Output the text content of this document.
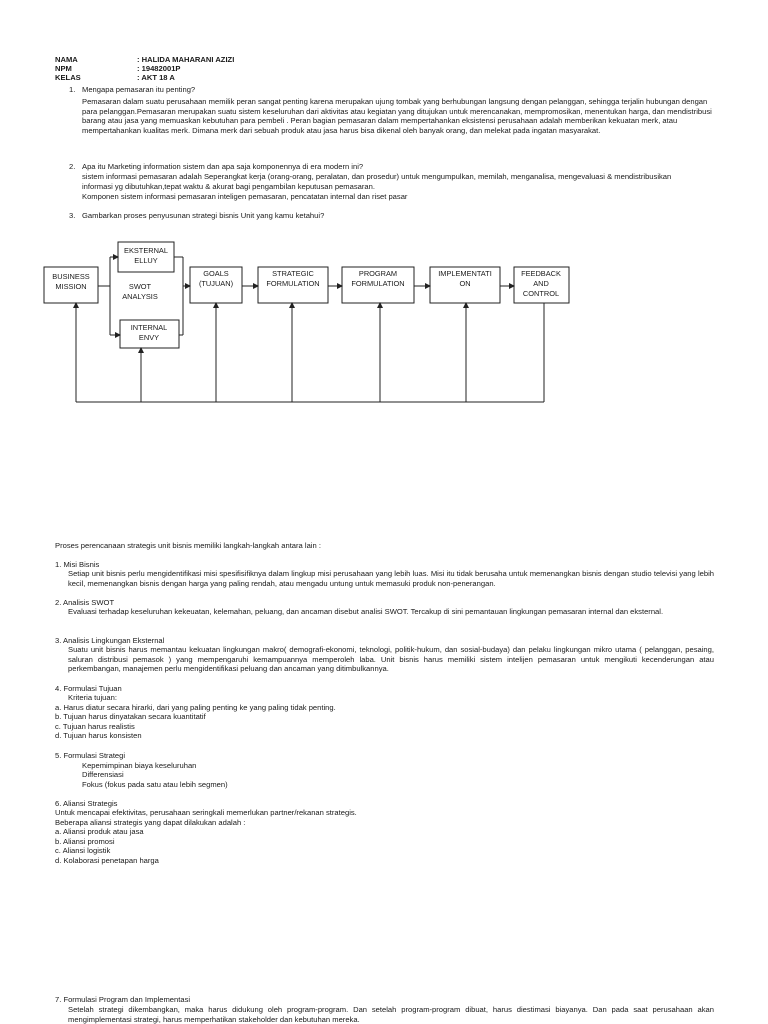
NAMA	: HALIDA MAHARANI AZIZI
NPM	: 19482001P
KELAS	: AKT 18 A
1. Mengapa pemasaran itu penting?
Pemasaran dalam suatu perusahaan memilik peran sangat penting karena merupakan ujung tombak yang berhubungan langsung dengan pelanggan, sehingga terjalin hubungan dengan para pelanggan.Pemasaran merupakan suatu sistem keseluruhan dari aktivitas atau kegiatan yang ditujukan untuk merencanakan, mempromosikan, menentukan harga, dan mendistribusi barang atau jasa yang memuaskan kebutuhan para pembeli . Peran bagian pemasaran dalam mempertahankan eksistensi perusahaan adalah memberikan kekuatan merk, atau mempertahankan kualitas merk. Dimana merk dari sebuah produk atau jasa harus bisa dikenal oleh banyak orang, dan melekat pada ingatan masyarakat.
2. Apa itu Marketing information sistem dan apa saja komponennya di era modern ini?
sistem informasi pemasaran adalah Seperangkat kerja (orang-orang, peralatan, dan prosedur) untuk mengumpulkan, memilah, menganalisa, mengevaluasi & mendistribusikan informasi yg dibutuhkan,tepat waktu & akurat bagi pengambilan keputusan pemasaran.
Komponen sistem informasi pemasaran inteligen pemasaran, pencatatan internal dan riset pasar
3. Gambarkan proses penyusunan strategi bisnis Unit yang kamu ketahui?
BUSINESS
MISSION
EKSTERNAL
ELLUY
SWOT
ANALYSIS
INTERNAL
ENVY
GOALS
(TUJUAN)
STRATEGIC
FORMULATION
PROGRAM
FORMULATION
IMPLEMENTATI
ON
FEEDBACK
AND
CONTROL
Proses perencanaan strategis unit bisnis memiliki langkah-langkah antara lain :
1. Misi Bisnis
Setiap unit bisnis perlu mengidentifikasi misi spesifisifiknya dalam lingkup misi perusahaan yang lebih luas. Misi itu tidak berusaha untuk memenangkan bisnis dengan studio televisi yang lebih kecil, memenangkan bisnis dengan harga yang paling rendah, atau mengadu untung untuk memasuki produk non-penerangan.
2. Analisis SWOT
Evaluasi terhadap keseluruhan kekeuatan, kelemahan, peluang, dan ancaman disebut analisi SWOT. Tercakup di sini pemantauan lingkungan pemasaran internal dan eksternal.
3. Analisis Lingkungan Eksternal
Suatu unit bisnis harus memantau kekuatan lingkungan makro( demografi-ekonomi, teknologi, politik-hukum, dan sosial-budaya) dan pelaku lingkungan mikro utama ( pelanggan, pesaing, saluran distribusi pemasok ) yang mempengaruhi kemampuannya memperoleh laba. Unit bisnis harus memiliki sistem intelijen pemasaran untuk mengikuti kecenderungan atau perkembangan, manajemen perlu mengidentifikasi peluang dan ancaman yang ditimbulkannya.
4. Formulasi Tujuan
Kriteria tujuan:
a. Harus diatur secara hirarki, dari yang paling penting ke yang paling tidak penting.
b. Tujuan harus dinyatakan secara kuantitatif
c. Tujuan harus realistis
d. Tujuan harus konsisten
5. Formulasi Strategi
Kepemimpinan biaya keseluruhan
Differensiasi
Fokus (fokus pada satu atau lebih segmen)
6. Aliansi Strategis
Untuk mencapai efektivitas, perusahaan seringkali memerlukan partner/rekanan strategis.
Beberapa aliansi strategis yang dapat dilakukan adalah :
a. Aliansi produk atau jasa
b. Aliansi promosi
c. Aliansi logistik
d. Kolaborasi penetapan harga
7. Formulasi Program dan Implementasi
Setelah strategi dikembangkan, maka harus didukung oleh program-program. Dan setelah program-program dibuat, harus diestimasi biayanya. Dan pada saat perusahaan akan mengimplementasi strategi, harus memperhatikan stakeholder dan kebutuhan mereka.
